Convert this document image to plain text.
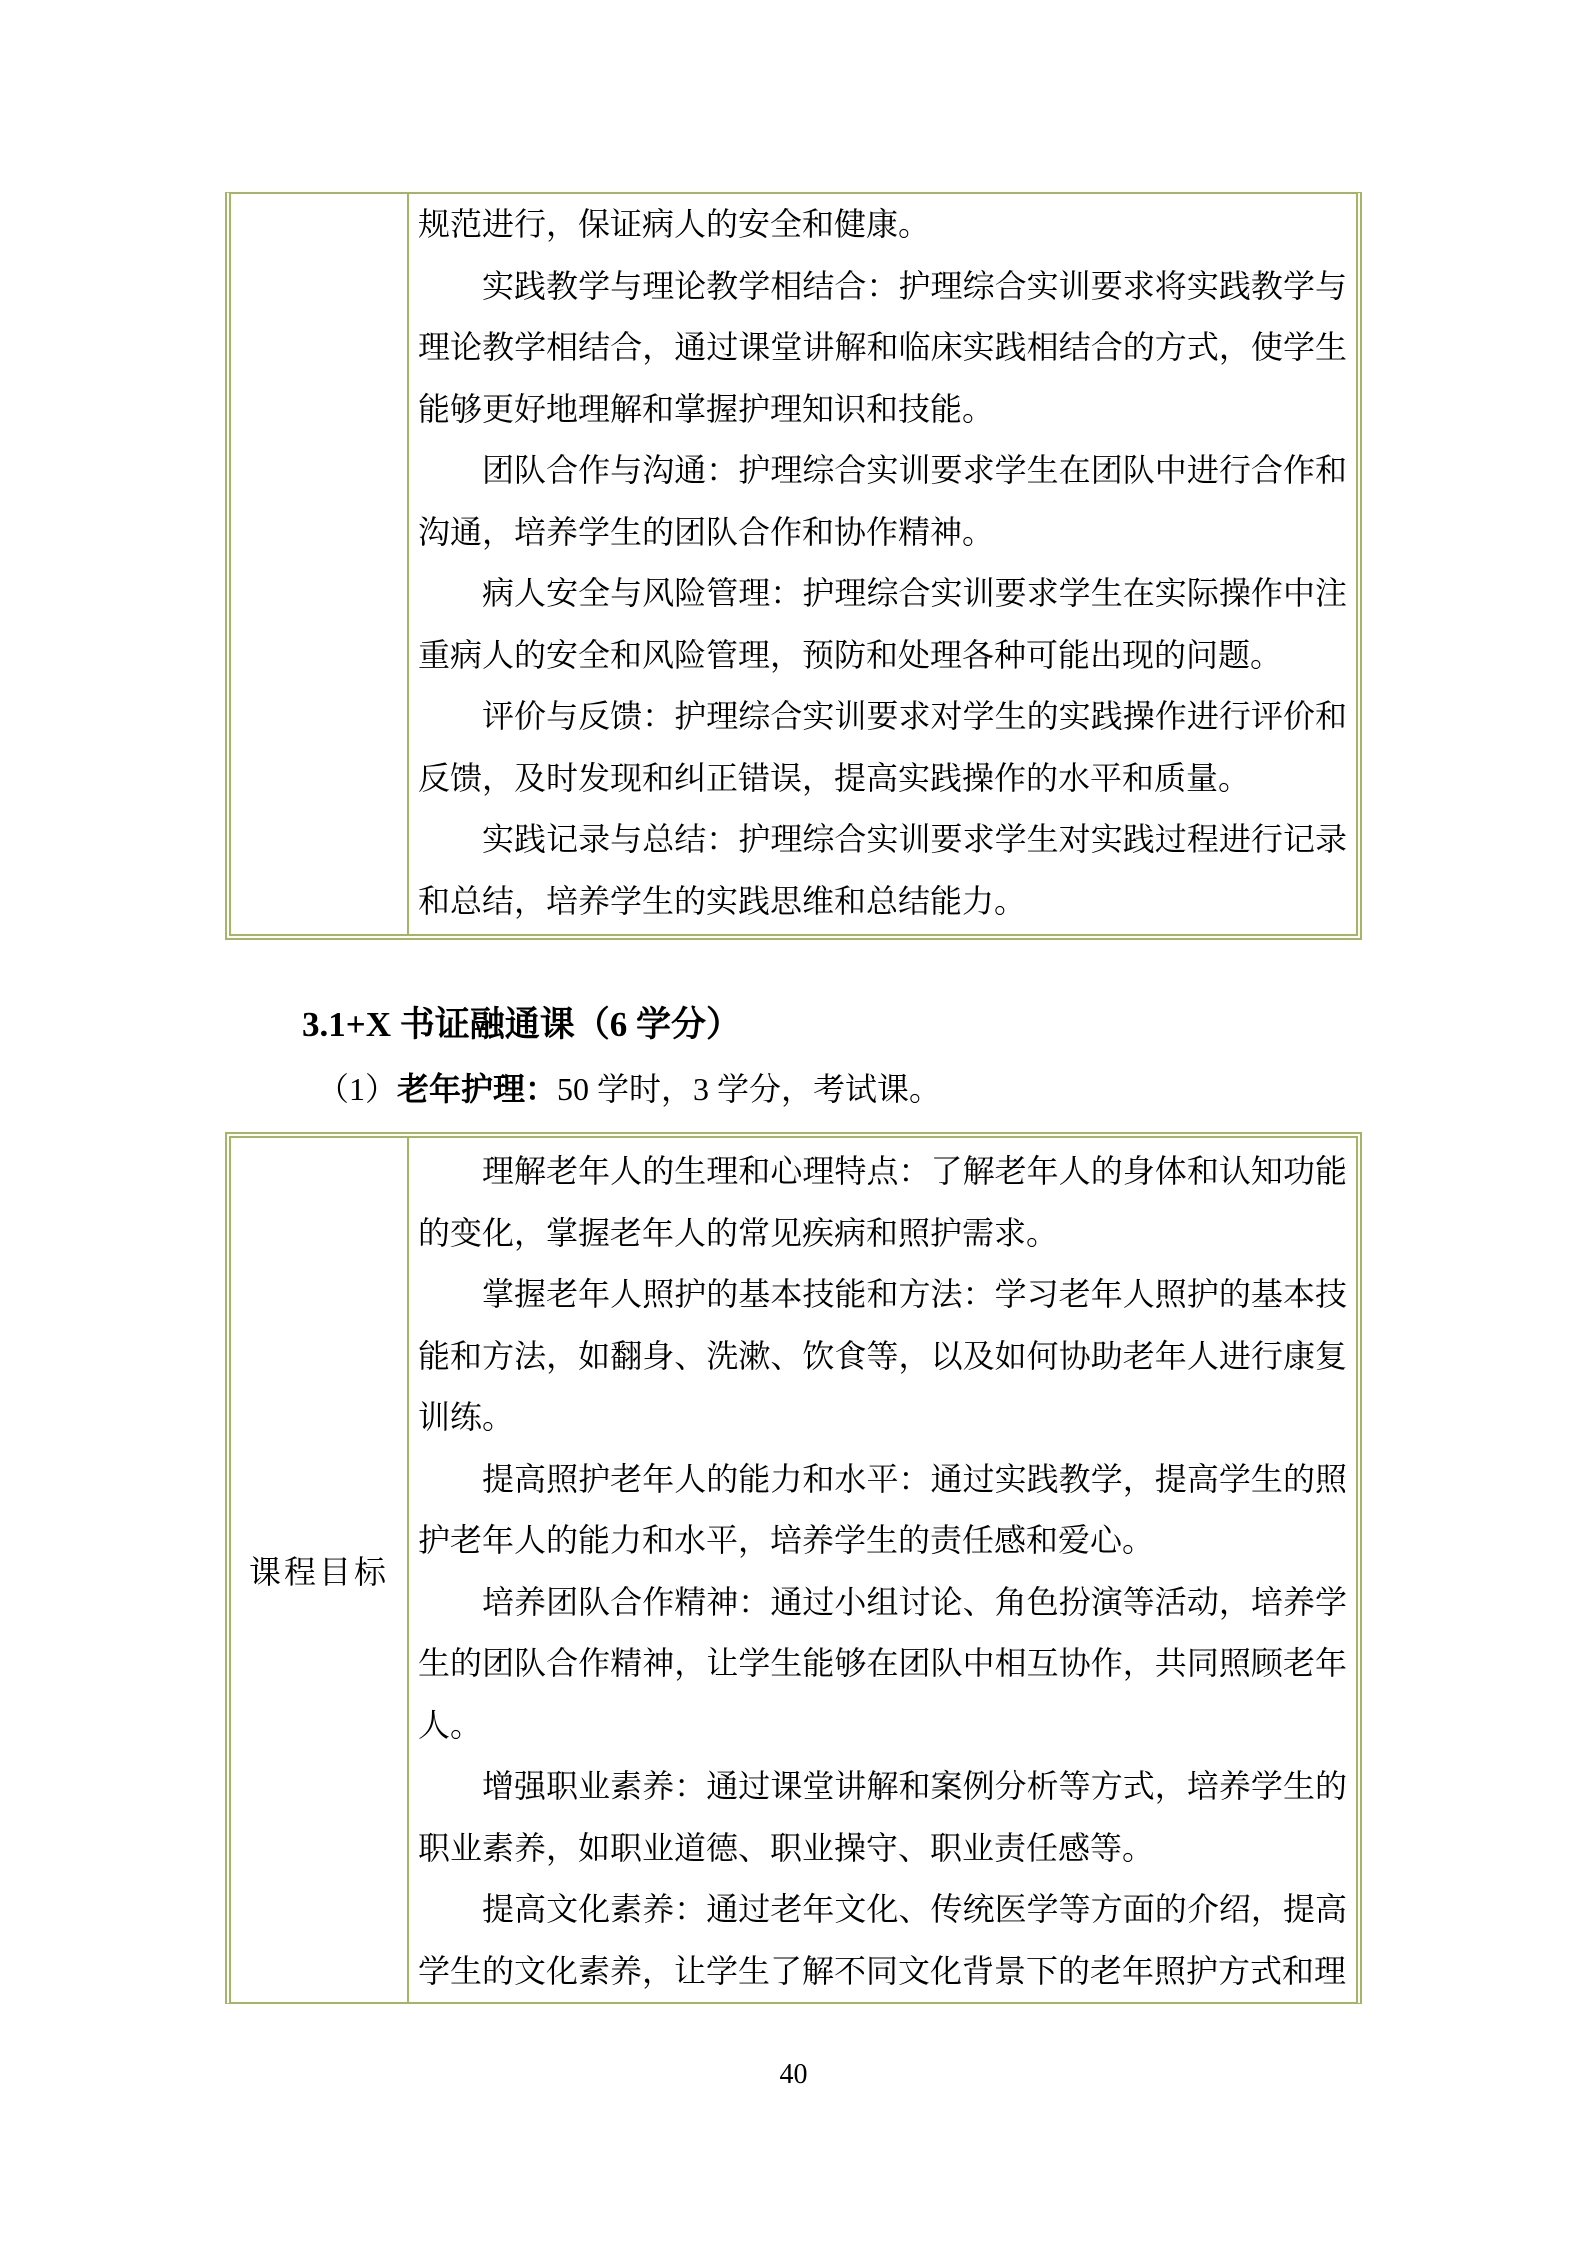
规范进行，保证病人的安全和健康。

实践教学与理论教学相结合：护理综合实训要求将实践教学与理论教学相结合，通过课堂讲解和临床实践相结合的方式，使学生能够更好地理解和掌握护理知识和技能。

团队合作与沟通：护理综合实训要求学生在团队中进行合作和沟通，培养学生的团队合作和协作精神。

病人安全与风险管理：护理综合实训要求学生在实际操作中注重病人的安全和风险管理，预防和处理各种可能出现的问题。

评价与反馈：护理综合实训要求对学生的实践操作进行评价和反馈，及时发现和纠正错误，提高实践操作的水平和质量。

实践记录与总结：护理综合实训要求学生对实践过程进行记录和总结，培养学生的实践思维和总结能力。

3.1+X 书证融通课（6 学分）
（1）老年护理：50 学时，3 学分，考试课。
课程目标

理解老年人的生理和心理特点：了解老年人的身体和认知功能的变化，掌握老年人的常见疾病和照护需求。

掌握老年人照护的基本技能和方法：学习老年人照护的基本技能和方法，如翻身、洗漱、饮食等，以及如何协助老年人进行康复训练。

提高照护老年人的能力和水平：通过实践教学，提高学生的照护老年人的能力和水平，培养学生的责任感和爱心。

培养团队合作精神：通过小组讨论、角色扮演等活动，培养学生的团队合作精神，让学生能够在团队中相互协作，共同照顾老年人。

增强职业素养：通过课堂讲解和案例分析等方式，培养学生的职业素养，如职业道德、职业操守、职业责任感等。

提高文化素养：通过老年文化、传统医学等方面的介绍，提高学生的文化素养，让学生了解不同文化背景下的老年照护方式和理

40
